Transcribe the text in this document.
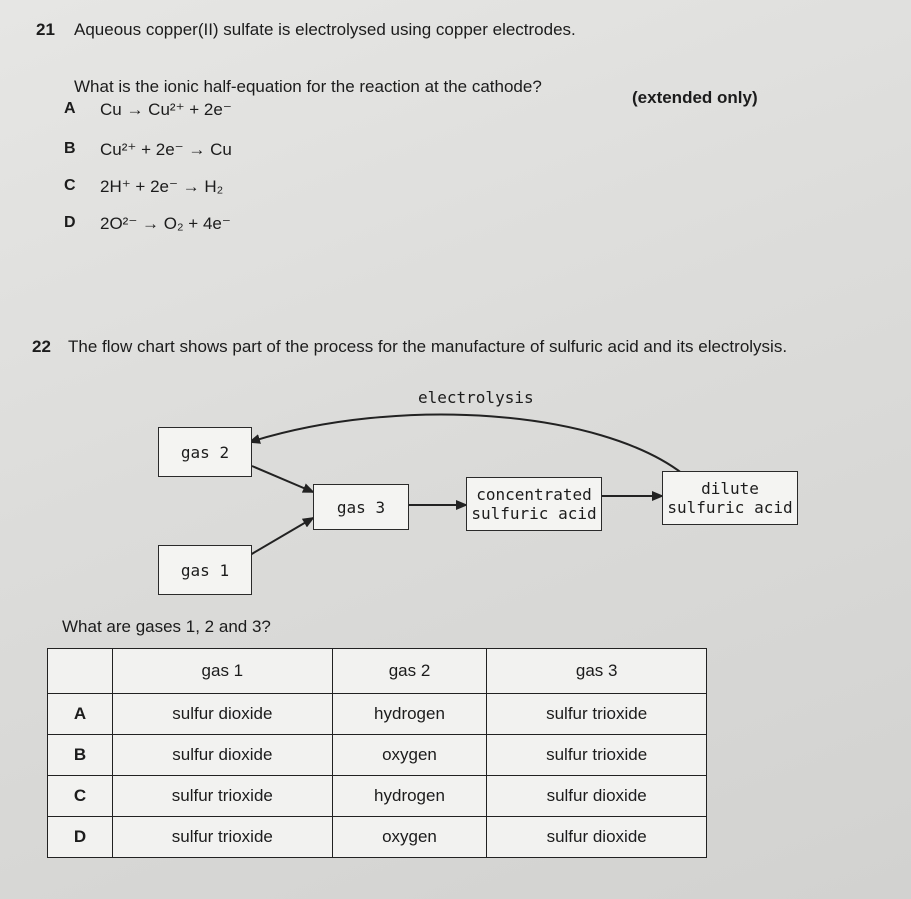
21 Aqueous copper(II) sulfate is electrolysed using copper electrodes.
What is the ionic half-equation for the reaction at the cathode?
(extended only)
A Cu → Cu²⁺ + 2e⁻
B Cu²⁺ + 2e⁻ → Cu
C 2H⁺ + 2e⁻ → H₂
D 2O²⁻ → O₂ + 4e⁻
22 The flow chart shows part of the process for the manufacture of sulfuric acid and its electrolysis.
electrolysis
gas 2
gas 3
concentrated
sulfuric acid
dilute
sulfuric acid
gas 1
What are gases 1, 2 and 3?
	gas 1	gas 2	gas 3
A	sulfur dioxide	hydrogen	sulfur trioxide
B	sulfur dioxide	oxygen	sulfur trioxide
C	sulfur trioxide	hydrogen	sulfur dioxide
D	sulfur trioxide	oxygen	sulfur dioxide
